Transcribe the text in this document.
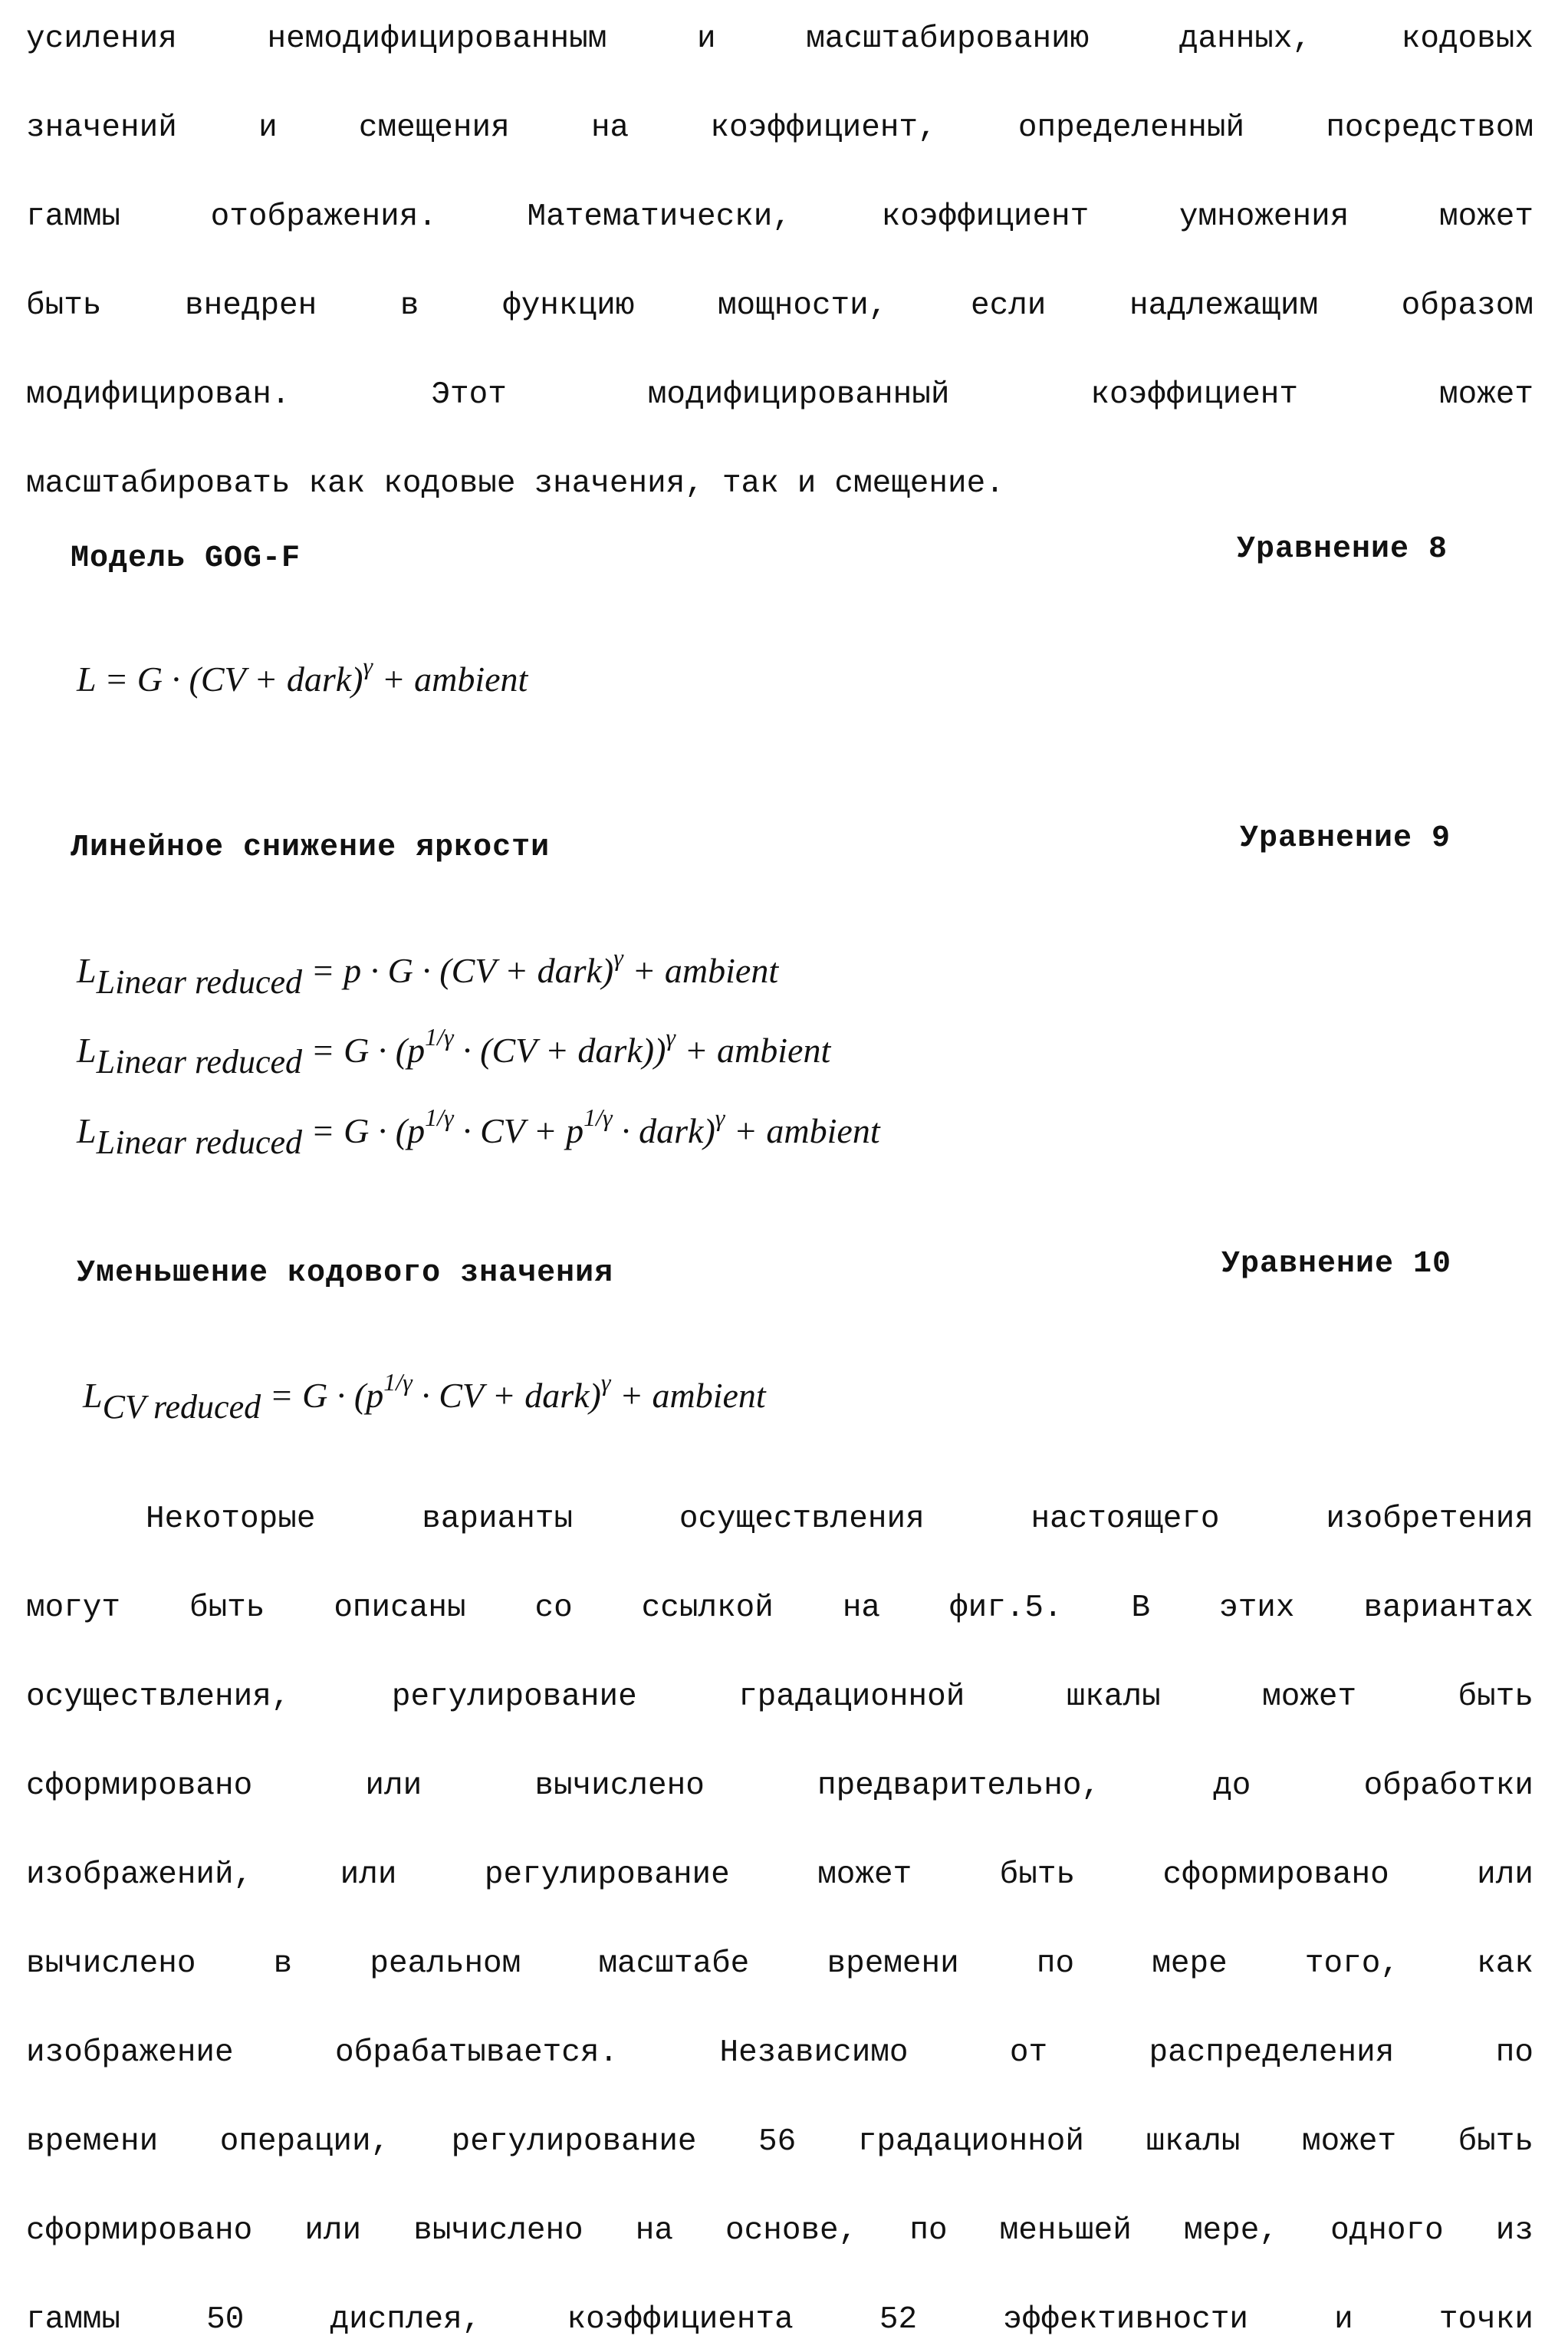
усиления	немодифицированным	и	масштабированию	данных,	кодовых
значений	и	смещения	на	коэффициент,	определенный	посредством
гаммы	отображения.	Математически,	коэффициент	умножения	может
быть	внедрен	в	функцию	мощности,	если	надлежащим	образом
модифицирован.	Этот	модифицированный	коэффициент	может
масштабировать как кодовые значения, так и смещение.
Модель GOG-F	Уравнение 8
L = G · (CV + dark)$^\gamma$ + ambient
Линейное снижение яркости	Уравнение 9
$L_{Linear reduced} = p \cdot G \cdot (CV$ + dark)$^\gamma$ + ambient
$L_{Linear reduced} = G \cdot (p^{1/\gamma} \cdot (CV$ + dark))$^\gamma$ + ambient
$L_{Linear reduced} = G \cdot (p^{1/\gamma}$ · CV + $p^{1/\gamma}$ · dark)$^\gamma$ + ambient
Уменьшение кодового значения	Уравнение 10
$L_{CV reduced} = G \cdot (p^{1/\gamma}$ · CV + dark)$^\gamma$ + ambient
Некоторые	варианты	осуществления	настоящего	изобретения
могут быть описаны со ссылкой на фиг.5. В этих вариантах
осуществления,	регулирование	градационной	шкалы	может	быть
сформировано	или	вычислено	предварительно,	до	обработки
изображений,	или	регулирование	может	быть	сформировано	или
вычислено в реальном масштабе времени по мере того, как
изображение	обрабатывается.	Независимо	от	распределения	по
времени операции, регулирование 56 градационной шкалы может быть
сформировано или вычислено на основе, по меньшей мере, одного из
гаммы	50	дисплея,	коэффициента	52	эффективности	и	точки
